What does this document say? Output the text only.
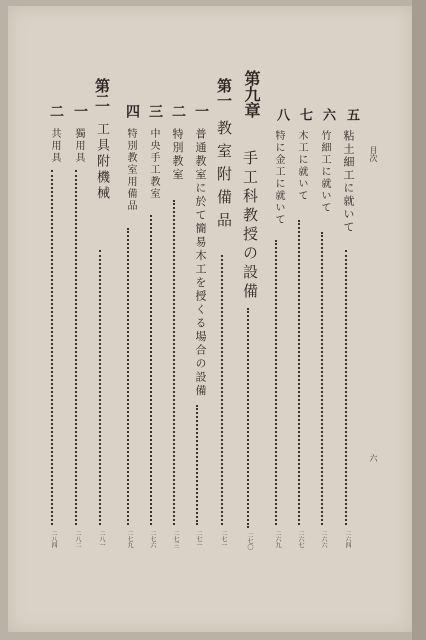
目次
六
五
粘土細工に就いて
二六四
六
竹細工に就いて
二六六
七
木工に就いて
二六七
八
特に金工に就いて
二六九
第九章
手工科教授の設備
二七〇
第一
教室附備品
二七一
一
普通教室に於て簡易木工を授くる場合の設備
二七一
二
特別教室
二七三
三
中央手工教室
二七六
四
特別教室用備品
二七九
第二
工具附機械
二八一
一
獨用具
二八二
二
共用具
二八四
